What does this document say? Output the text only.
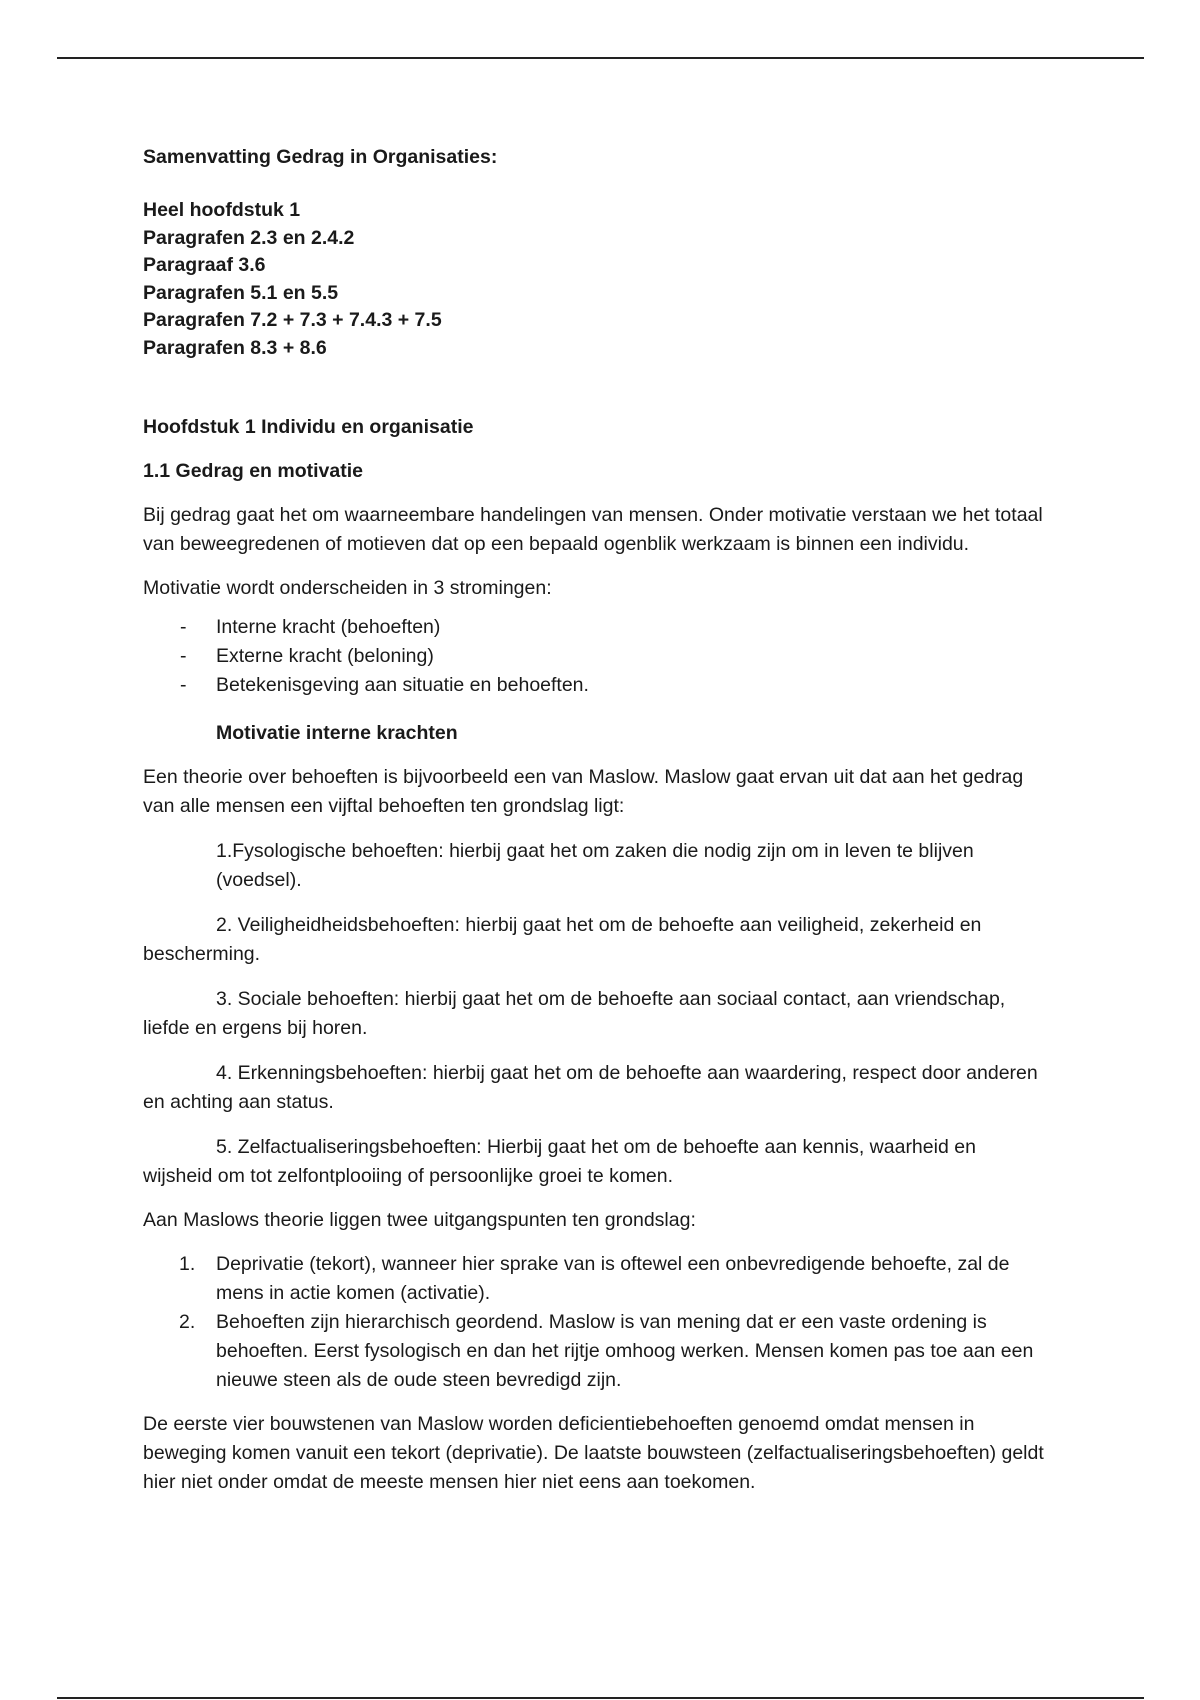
Samenvatting Gedrag in Organisaties:

Heel hoofdstuk 1
Paragrafen 2.3 en 2.4.2
Paragraaf 3.6
Paragrafen 5.1 en 5.5
Paragrafen 7.2 + 7.3 + 7.4.3 + 7.5
Paragrafen 8.3 + 8.6

Hoofdstuk 1 Individu en organisatie

1.1 Gedrag en motivatie

Bij gedrag gaat het om waarneembare handelingen van mensen. Onder motivatie verstaan we het totaal van beweegredenen of motieven dat op een bepaald ogenblik werkzaam is binnen een individu.

Motivatie wordt onderscheiden in 3 stromingen:

- Interne kracht (behoeften)
- Externe kracht (beloning)
- Betekenisgeving aan situatie en behoeften.

Motivatie interne krachten

Een theorie over behoeften is bijvoorbeeld een van Maslow. Maslow gaat ervan uit dat aan het gedrag van alle mensen een vijftal behoeften ten grondslag ligt:

1.Fysologische behoeften: hierbij gaat het om zaken die nodig zijn om in leven te blijven (voedsel).

2. Veiligheidheidsbehoeften: hierbij gaat het om de behoefte aan veiligheid, zekerheid en bescherming.

3. Sociale behoeften: hierbij gaat het om de behoefte aan sociaal contact, aan vriendschap, liefde en ergens bij horen.

4. Erkenningsbehoeften: hierbij gaat het om de behoefte aan waardering, respect door anderen en achting aan status.

5. Zelfactualiseringsbehoeften: Hierbij gaat het om de behoefte aan kennis, waarheid en wijsheid om tot zelfontplooiing of persoonlijke groei te komen.

Aan Maslows theorie liggen twee uitgangspunten ten grondslag:

1. Deprivatie (tekort), wanneer hier sprake van is oftewel een onbevredigende behoefte, zal de mens in actie komen (activatie).
2. Behoeften zijn hierarchisch geordend. Maslow is van mening dat er een vaste ordening is behoeften. Eerst fysologisch en dan het rijtje omhoog werken. Mensen komen pas toe aan een nieuwe steen als de oude steen bevredigd zijn.

De eerste vier bouwstenen van Maslow worden deficientiebehoeften genoemd omdat mensen in beweging komen vanuit een tekort (deprivatie). De laatste bouwsteen (zelfactualiseringsbehoeften) geldt hier niet onder omdat de meeste mensen hier niet eens aan toekomen.
